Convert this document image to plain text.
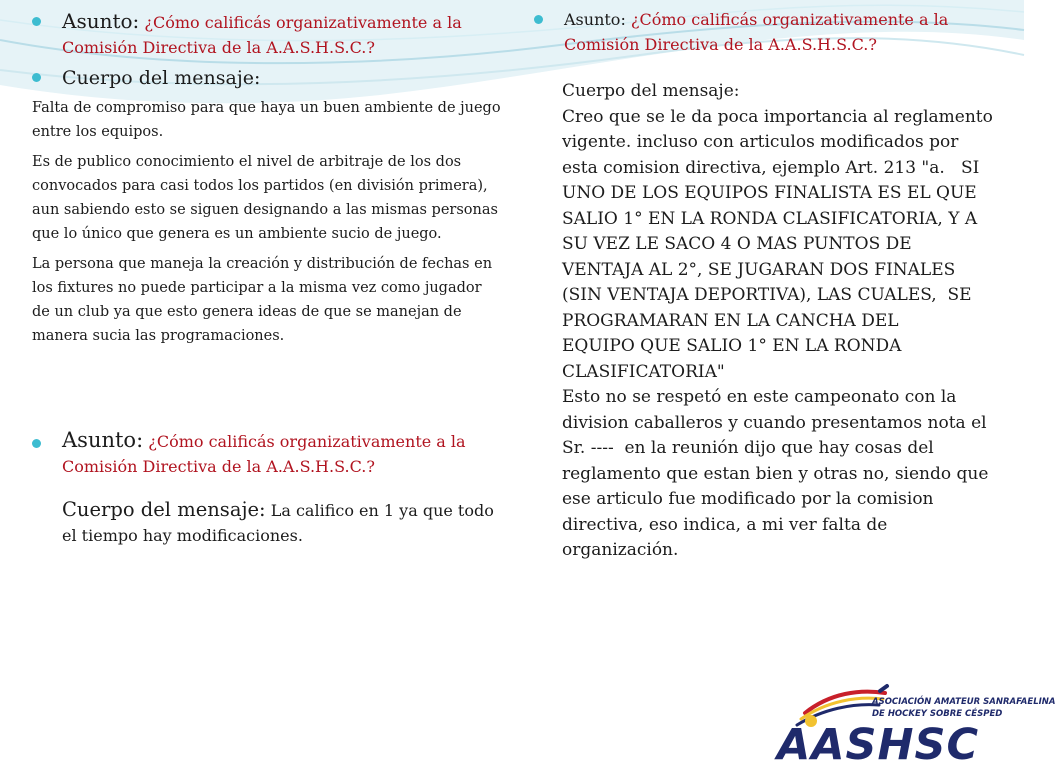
Asunto: ¿Cómo calificás organizativamente a la Comisión Directiva de la A.A.S.H.S.C.?
Cuerpo del mensaje:

Falta de compromiso para que haya un buen ambiente de juego entre los equipos.

Es de publico conocimiento el nivel de arbitraje de los dos convocados para casi todos los partidos (en división primera), aun sabiendo esto se siguen designando a las mismas personas que lo único que genera es un ambiente sucio de juego.

La persona que maneja la creación y distribución de fechas en los fixtures no puede participar a la misma vez como jugador de un club ya que esto genera ideas de que se manejan de manera sucia las programaciones.

Asunto: ¿Cómo calificás organizativamente a la Comisión Directiva de la A.A.S.H.S.C.?
Cuerpo del mensaje: La califico en 1 ya que todo el tiempo hay modificaciones.
Asunto: ¿Cómo calificás organizativamente a la Comisión Directiva de la A.A.S.H.S.C.?
Cuerpo del mensaje:
Creo que se le da poca importancia al reglamento
vigente. incluso con articulos modificados por
esta comision directiva, ejemplo Art. 213 "a.   SI
UNO DE LOS EQUIPOS FINALISTA ES EL QUE
SALIO 1° EN LA RONDA CLASIFICATORIA, Y A
SU VEZ LE SACO 4 O MAS PUNTOS DE
VENTAJA AL 2°, SE JUGARAN DOS FINALES
(SIN VENTAJA DEPORTIVA), LAS CUALES,  SE
PROGRAMARAN EN LA CANCHA DEL
EQUIPO QUE SALIO 1° EN LA RONDA
CLASIFICATORIA"
Esto no se respetó en este campeonato con la
division caballeros y cuando presentamos nota el
Sr. ----  en la reunión dijo que hay cosas del
reglamento que estan bien y otras no, siendo que
ese articulo fue modificado por la comision
directiva, eso indica, a mi ver falta de
organización.
ASOCIACIÓN AMATEUR SANRAFAELINA
DE HOCKEY SOBRE CÉSPED
AASHSC
